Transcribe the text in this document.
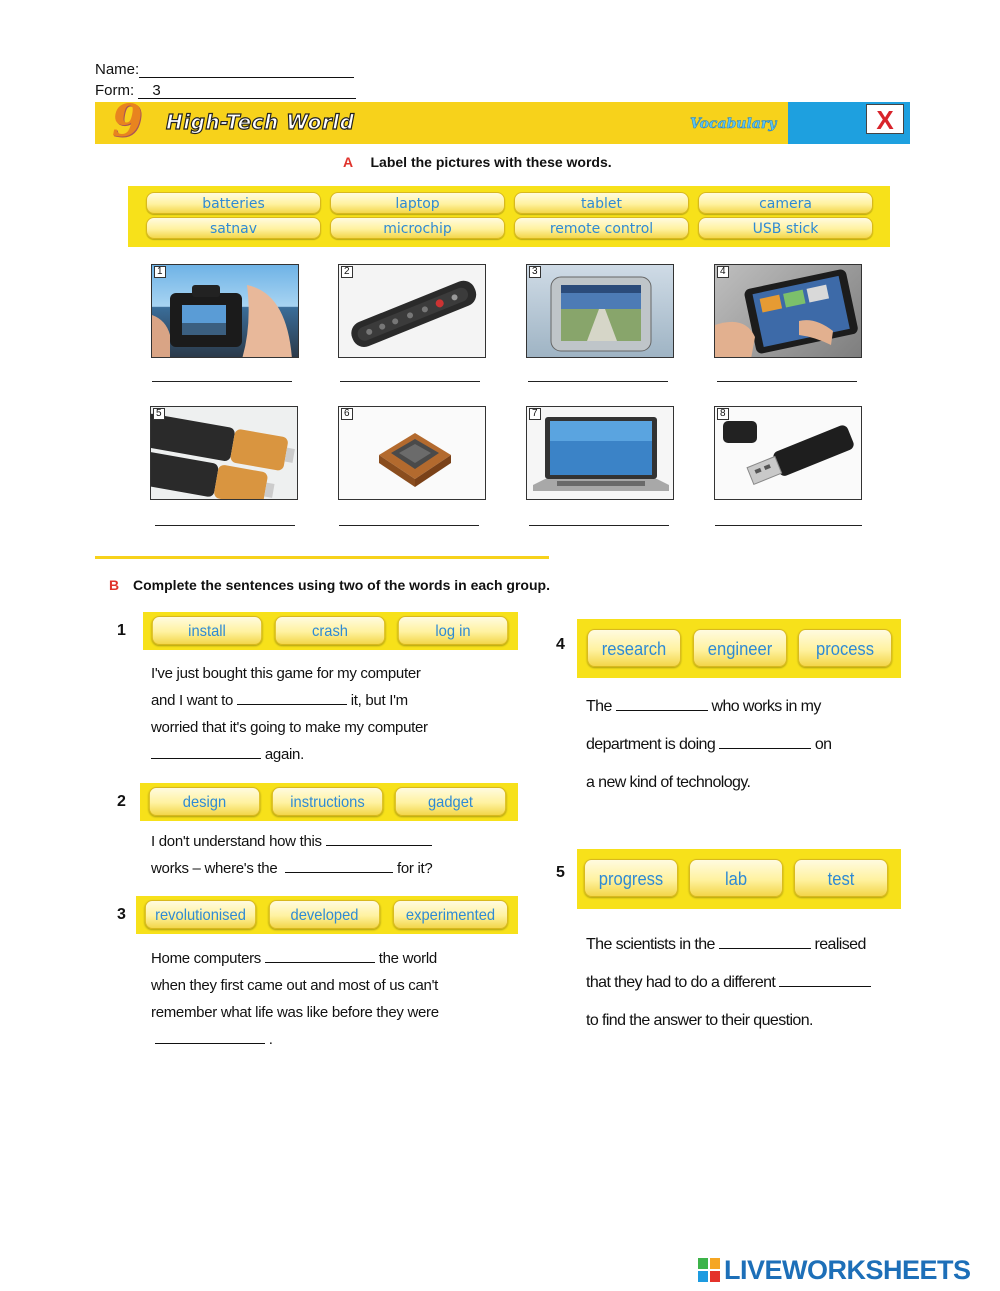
Name:
Form: 3
9 High-Tech World	Vocabulary	X
A Label the pictures with these words.
batteries	laptop	tablet	camera
satnav	microchip	remote control	USB stick
1	2	3	4
5	6	7	8
B Complete the sentences using two of the words in each group.
1	install	crash	log in
I've just bought this game for my computer
and I want to	it, but I'm
worried that it's going to make my computer
again.
2	design	instructions	gadget
I don't understand how this
works – where's the	for it?
3	revolutionised	developed	experimented
Home computers	the world
when they first came out and most of us can't
remember what life was like before they were
.
4	research	engineer	process
The	who works in my
department is doing	on
a new kind of technology.
5	progress	lab	test
The scientists in the	realised
that they had to do a different
to find the answer to their question.
LIVEWORKSHEETS
